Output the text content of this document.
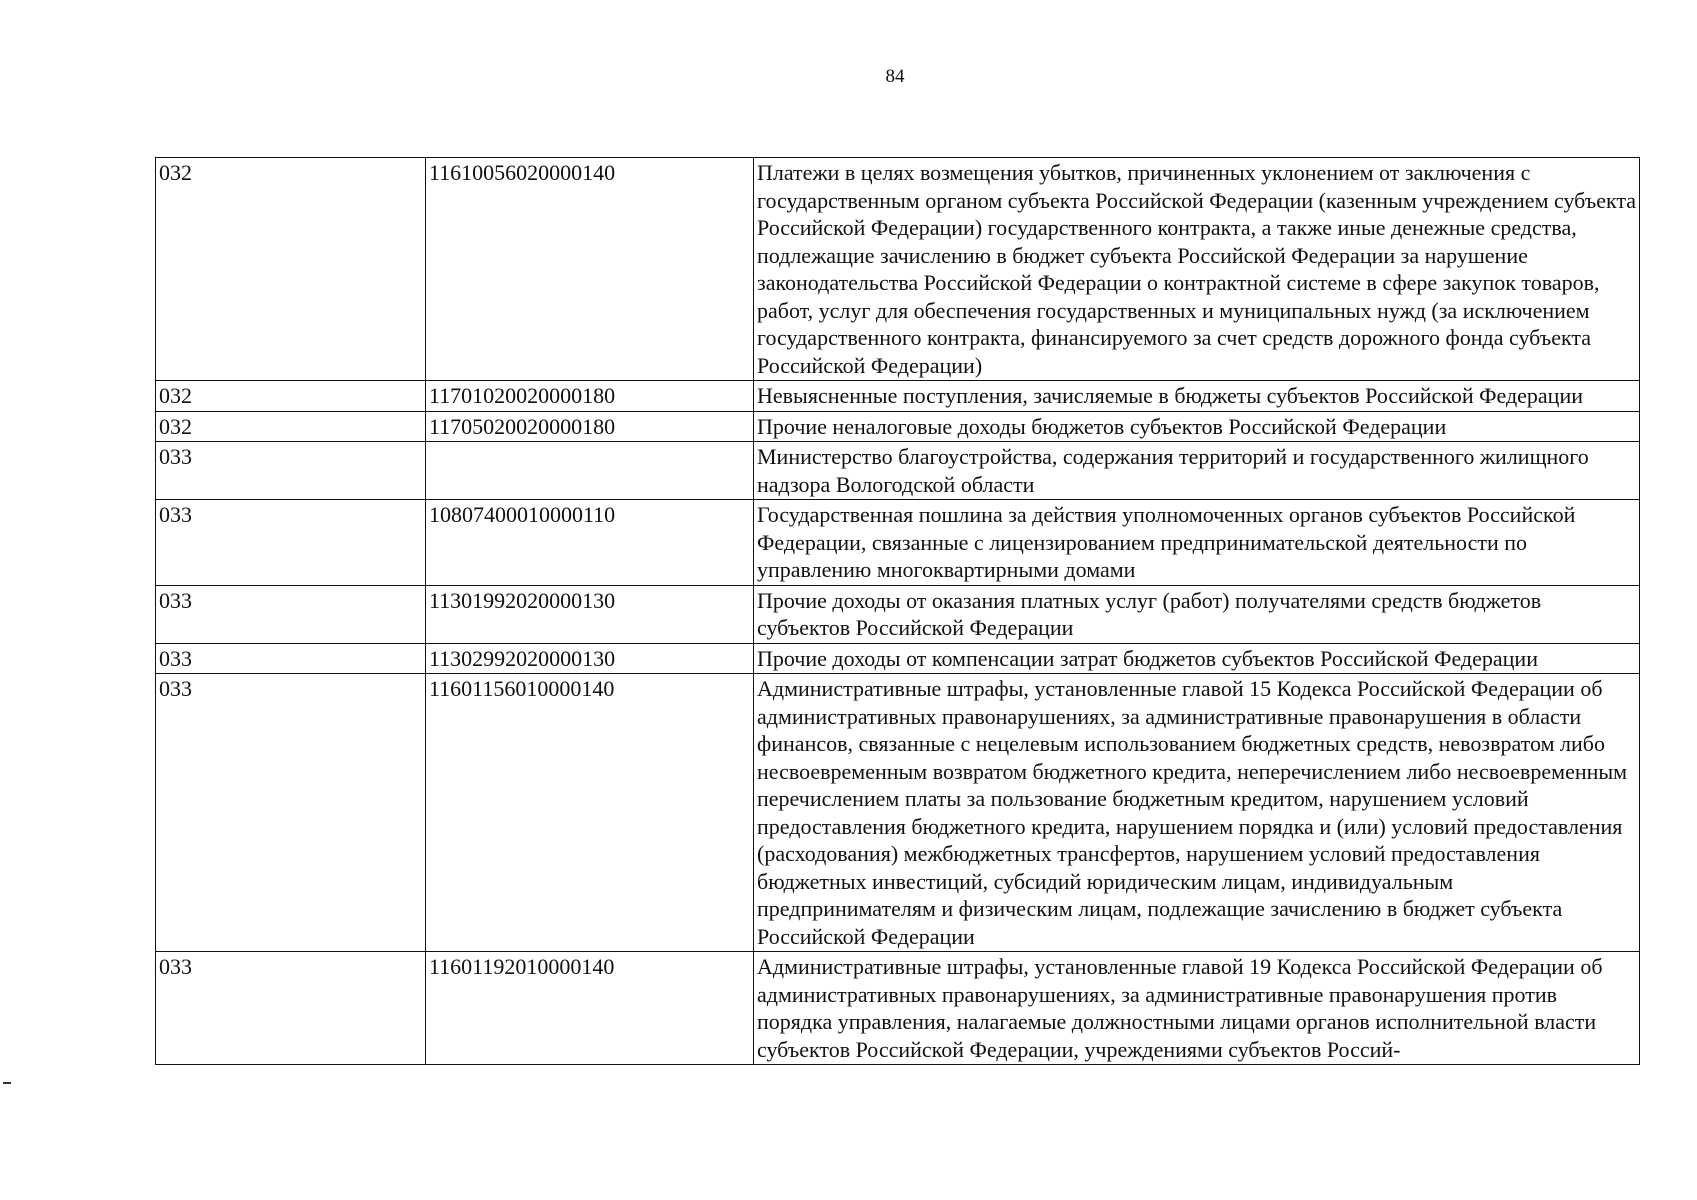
84
032	11610056020000140	Платежи в целях возмещения убытков, причиненных уклонением от заключения с государственным органом субъекта Российской Федерации (казенным учреждением субъекта Российской Федерации) государственного контракта, а также иные денежные средства, подлежащие зачислению в бюджет субъекта Российской Федерации за нарушение законодательства Российской Федерации о контрактной системе в сфере закупок товаров, работ, услуг для обеспечения государственных и муниципальных нужд (за исключением государственного контракта, финансируемого за счет средств дорожного фонда субъекта Российской Федерации)
032	11701020020000180	Невыясненные поступления, зачисляемые в бюджеты субъектов Российской Федерации
032	11705020020000180	Прочие неналоговые доходы бюджетов субъектов Российской Федерации
033		Министерство благоустройства, содержания территорий и государственного жилищного надзора Вологодской области
033	10807400010000110	Государственная пошлина за действия уполномоченных органов субъектов Российской Федерации, связанные с лицензированием предпринимательской деятельности по управлению многоквартирными домами
033	11301992020000130	Прочие доходы от оказания платных услуг (работ) получателями средств бюджетов субъектов Российской Федерации
033	11302992020000130	Прочие доходы от компенсации затрат бюджетов субъектов Российской Федерации
033	11601156010000140	Административные штрафы, установленные главой 15 Кодекса Российской Федерации об административных правонарушениях, за административные правонарушения в области финансов, связанные с нецелевым использованием бюджетных средств, невозвратом либо несвоевременным возвратом бюджетного кредита, неперечислением либо несвоевременным перечислением платы за пользование бюджетным кредитом, нарушением условий предоставления бюджетного кредита, нарушением порядка и (или) условий предоставления (расходования) межбюджетных трансфертов, нарушением условий предоставления бюджетных инвестиций, субсидий юридическим лицам, индивидуальным предпринимателям и физическим лицам, подлежащие зачислению в бюджет субъекта Российской Федерации
033	11601192010000140	Административные штрафы, установленные главой 19 Кодекса Российской Федерации об административных правонарушениях, за административные правонарушения против порядка управления, налагаемые должностными лицами органов исполнительной власти субъектов Российской Федерации, учреждениями субъектов Россий-
